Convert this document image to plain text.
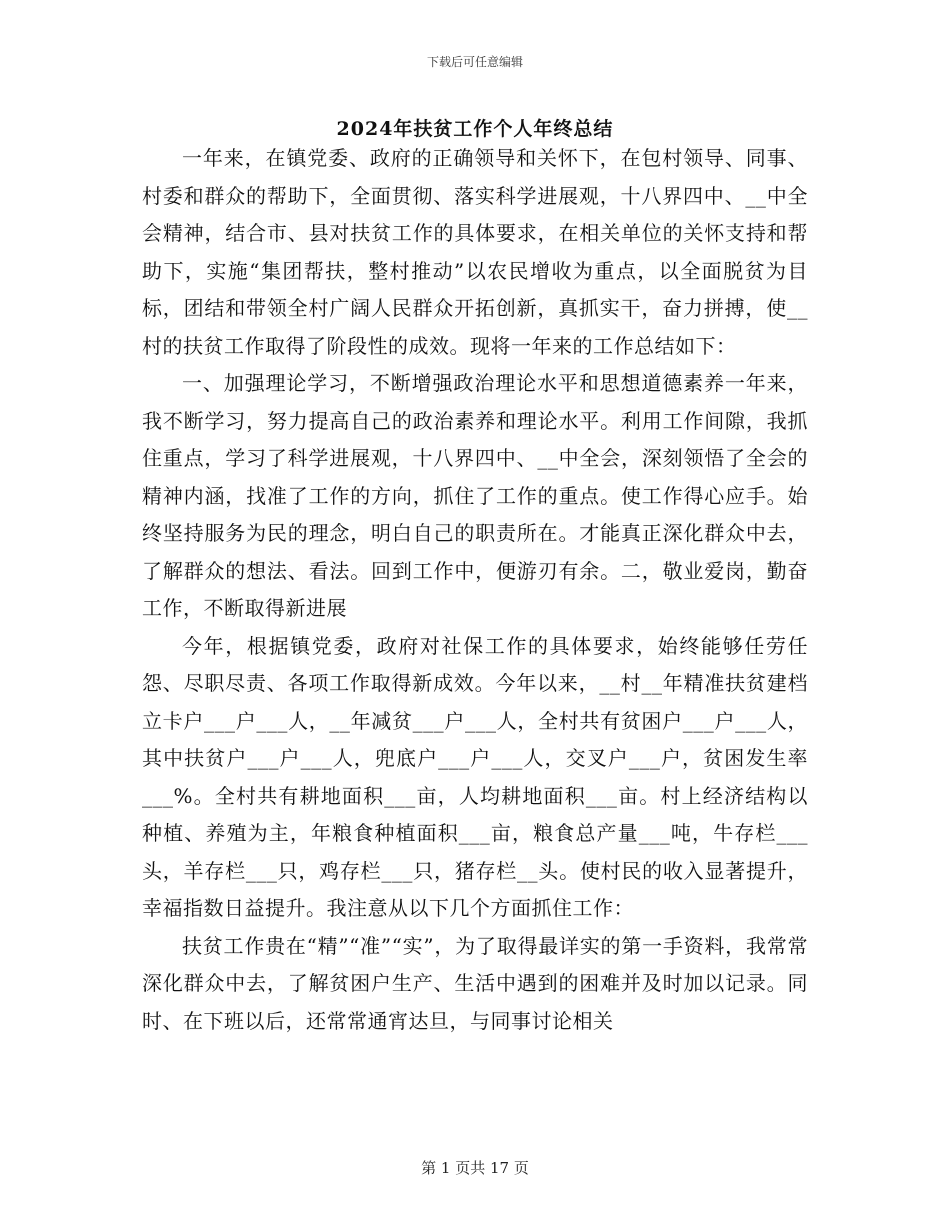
下载后可任意编辑
2024年扶贫工作个人年终总结

一年来，在镇党委、政府的正确领导和关怀下，在包村领导、同事、村委和群众的帮助下，全面贯彻、落实科学进展观，十八界四中、__中全会精神，结合市、县对扶贫工作的具体要求，在相关单位的关怀支持和帮助下，实施“集团帮扶，整村推动”以农民增收为重点，以全面脱贫为目标，团结和带领全村广阔人民群众开拓创新，真抓实干，奋力拼搏，使__村的扶贫工作取得了阶段性的成效。现将一年来的工作总结如下：

一、加强理论学习，不断增强政治理论水平和思想道德素养一年来，我不断学习，努力提高自己的政治素养和理论水平。利用工作间隙，我抓住重点，学习了科学进展观，十八界四中、__中全会，深刻领悟了全会的精神内涵，找准了工作的方向，抓住了工作的重点。使工作得心应手。始终坚持服务为民的理念，明白自己的职责所在。才能真正深化群众中去，了解群众的想法、看法。回到工作中，便游刃有余。二，敬业爱岗，勤奋工作，不断取得新进展

今年，根据镇党委，政府对社保工作的具体要求，始终能够任劳任怨、尽职尽责、各项工作取得新成效。今年以来，__村__年精准扶贫建档立卡户___户___人，__年减贫___户___人，全村共有贫困户___户___人，其中扶贫户___户___人，兜底户___户___人，交叉户___户，贫困发生率___%。全村共有耕地面积___亩，人均耕地面积___亩。村上经济结构以种植、养殖为主，年粮食种植面积___亩，粮食总产量___吨，牛存栏___头，羊存栏___只，鸡存栏___只，猪存栏__头。使村民的收入显著提升，幸福指数日益提升。我注意从以下几个方面抓住工作：

扶贫工作贵在“精”“准”“实”，为了取得最详实的第一手资料，我常常深化群众中去，了解贫困户生产、生活中遇到的困难并及时加以记录。同时、在下班以后，还常常通宵达旦，与同事讨论相关

第 1 页共 17 页
